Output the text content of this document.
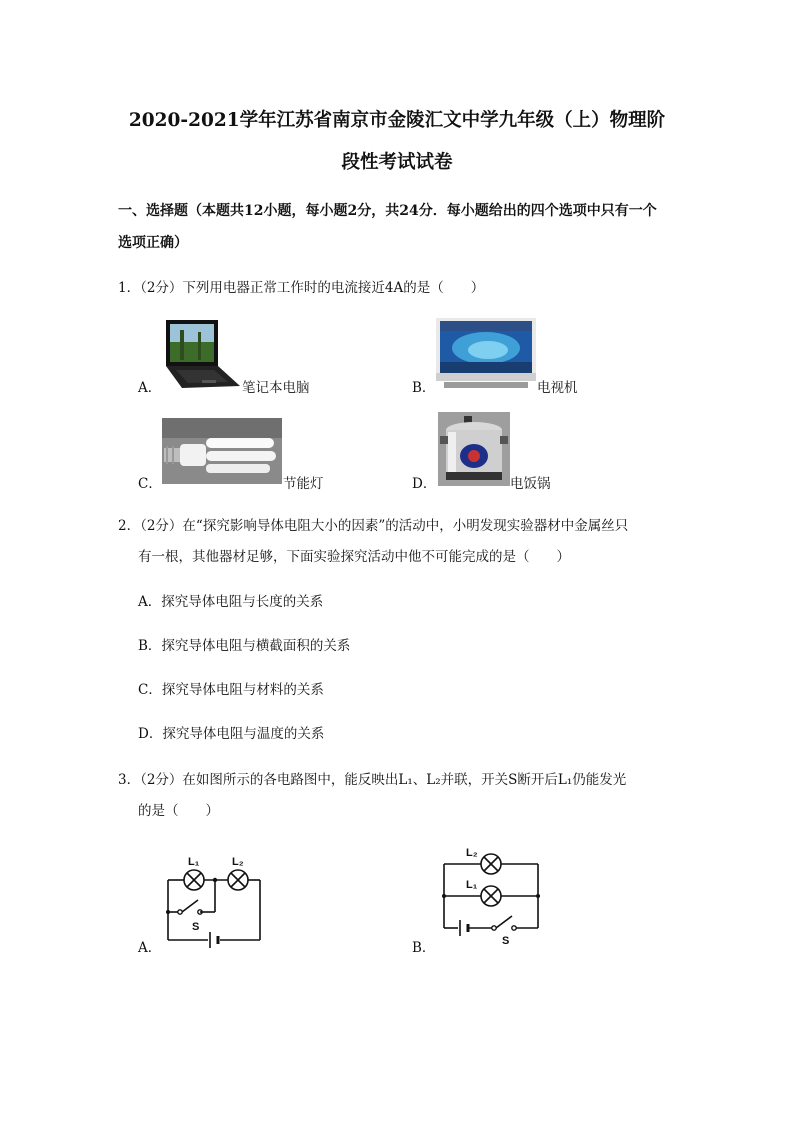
2020-2021学年江苏省南京市金陵汇文中学九年级（上）物理阶
段性考试试卷
一、选择题（本题共12小题，每小题2分，共24分．每小题给出的四个选项中只有一个
选项正确）
1．（2分）下列用电器正常工作时的电流接近4A的是（　　）
A．	笔记本电脑	B．	电视机
C．	节能灯	D．	电饭锅
2．（2分）在“探究影响导体电阻大小的因素”的活动中，小明发现实验器材中金属丝只
有一根，其他器材足够，下面实验探究活动中他不可能完成的是（　　）
A．探究导体电阻与长度的关系
B．探究导体电阻与横截面积的关系
C．探究导体电阻与材料的关系
D．探究导体电阻与温度的关系
3．（2分）在如图所示的各电路图中，能反映出L₁、L₂并联，开关S断开后L₁仍能发光
的是（　　）
A．
L₁	L₂
S
B．
L₂
L₁
S
